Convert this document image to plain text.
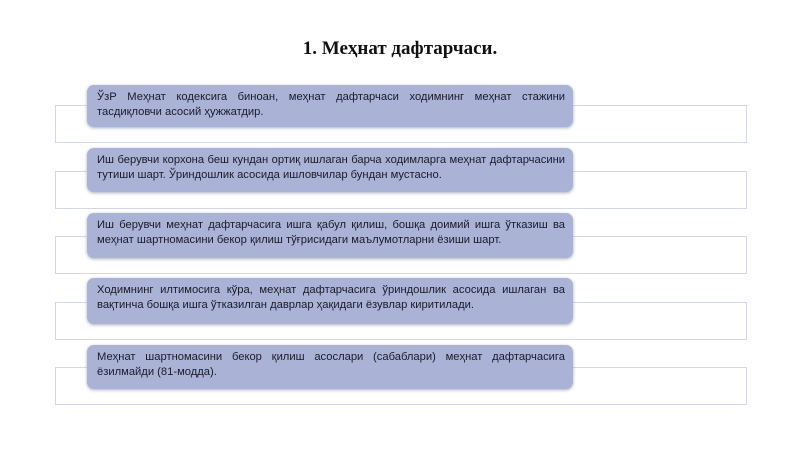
1. Меҳнат дафтарчаси.
ЎзР Меҳнат кодексига биноан, меҳнат дафтарчаси ходимнинг меҳнат стажини тасдиқловчи асосий ҳужжатдир.
Иш берувчи корхона беш кундан ортиқ ишлаган барча ходимларга меҳнат дафтарчасини тутиши шарт. Ўриндошлик асосида ишловчилар бундан мустасно.
Иш берувчи меҳнат дафтарчасига ишга қабул қилиш, бошқа доимий ишга ўтказиш ва меҳнат шартномасини бекор қилиш тўғрисидаги маълумотларни ёзиши шарт.
Ходимнинг илтимосига кўра, меҳнат дафтарчасига ўриндошлик асосида ишлаган ва вақтинча бошқа ишга ўтказилган даврлар ҳақидаги ёзувлар киритилади.
Меҳнат шартномасини бекор қилиш асослари (сабаблари) меҳнат дафтарчасига ёзилмайди (81-модда).
